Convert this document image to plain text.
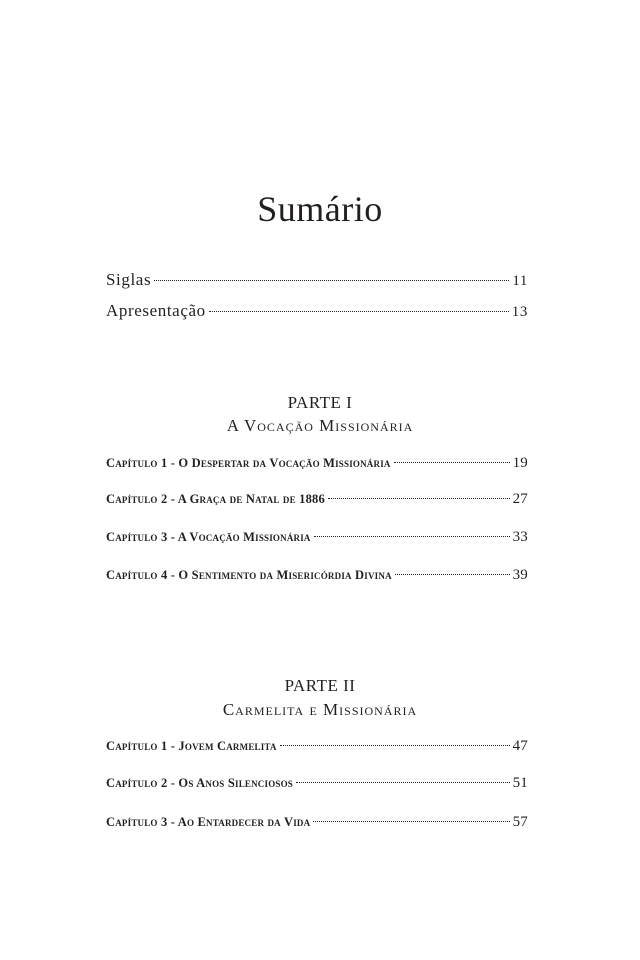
Sumário
Siglas	11
Apresentação	13
PARTE I
A Vocação Missionária
Capítulo 1 - O Despertar da Vocação Missionária	19
Capítulo 2 - A Graça de Natal de 1886	27
Capítulo 3 - A Vocação Missionária	33
Capítulo 4 - O Sentimento da Misericórdia Divina	39
PARTE II
Carmelita e Missionária
Capítulo 1 - Jovem Carmelita	47
Capítulo 2 - Os Anos Silenciosos	51
Capítulo 3 - Ao Entardecer da Vida	57
